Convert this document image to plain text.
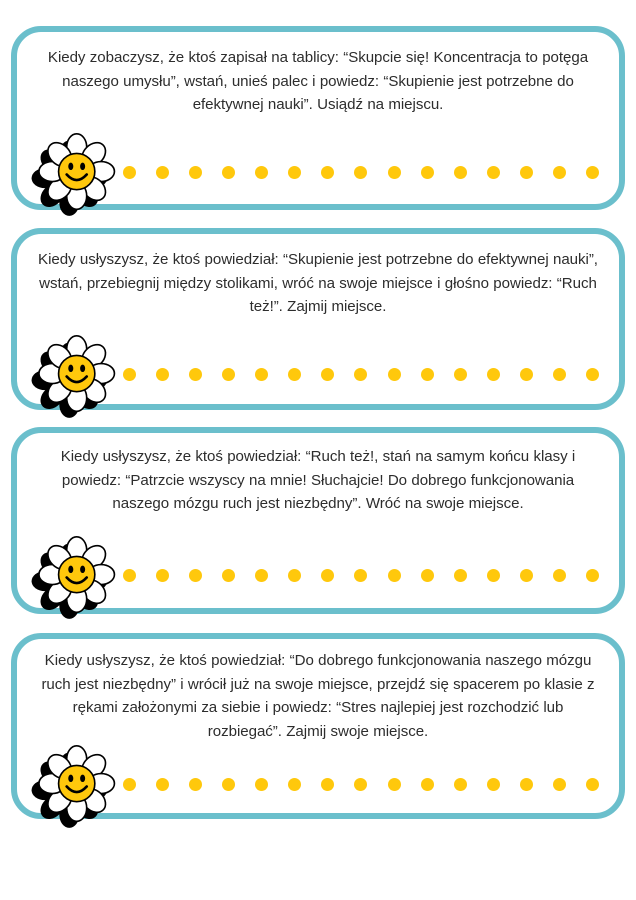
Kiedy zobaczysz, że ktoś zapisał na tablicy: “Skupcie się! Koncentracja to potęga naszego umysłu”, wstań, unieś palec i powiedz: “Skupienie jest potrzebne do efektywnej nauki”. Usiądź na miejscu.
Kiedy usłyszysz, że ktoś powiedział: “Skupienie jest potrzebne do efektywnej nauki”, wstań, przebiegnij między stolikami, wróć na swoje miejsce i głośno powiedz: “Ruch też!”. Zajmij miejsce.
Kiedy usłyszysz, że ktoś powiedział: “Ruch też!, stań na samym końcu klasy i powiedz: “Patrzcie wszyscy na mnie! Słuchajcie! Do dobrego funkcjonowania naszego mózgu ruch jest niezbędny”. Wróć na swoje miejsce.
Kiedy usłyszysz, że ktoś powiedział: “Do dobrego funkcjonowania naszego mózgu ruch jest niezbędny” i wrócił już na swoje miejsce, przejdź się spacerem po klasie z rękami założonymi za siebie i powiedz: “Stres najlepiej jest rozchodzić lub rozbiegać”. Zajmij swoje miejsce.
